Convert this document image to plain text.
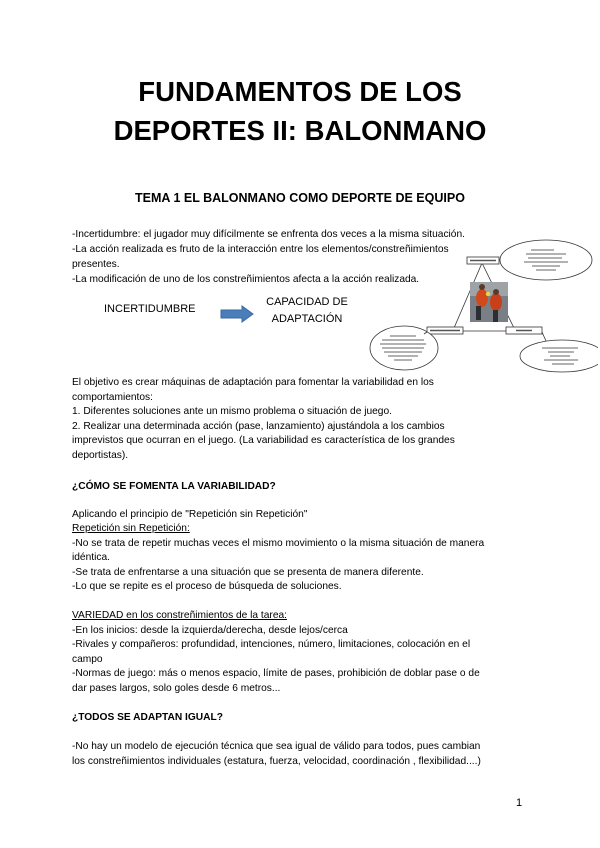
FUNDAMENTOS DE LOS
DEPORTES II: BALONMANO
TEMA 1 EL BALONMANO COMO DEPORTE DE EQUIPO

-Incertidumbre: el jugador muy difícilmente se enfrenta dos veces a la misma situación.

-La acción realizada es fruto de la interacción entre los elementos/constreñimientos

presentes.

-La modificación de uno de los constreñimientos afecta a la acción realizada.

INCERTIDUMBRE
CAPACIDAD DE
ADAPTACIÓN

El objetivo es crear máquinas de adaptación para fomentar la variabilidad en los

comportamientos:

1. Diferentes soluciones ante un mismo problema o situación de juego.

2. Realizar una determinada acción (pase, lanzamiento) ajustándola a los cambios

imprevistos que ocurran en el juego. (La variabilidad es característica de los grandes

deportistas).

¿CÓMO SE FOMENTA LA VARIABILIDAD?

Aplicando el principio de "Repetición sin Repetición"

Repetición sin Repetición:

-No se trata de repetir muchas veces el mismo movimiento o la misma situación de manera

idéntica.

-Se trata de enfrentarse a una situación que se presenta de manera diferente.

-Lo que se repite es el proceso de búsqueda de soluciones.

VARIEDAD en los constreñimientos de la tarea:

-En los inicios: desde la izquierda/derecha, desde lejos/cerca

-Rivales y compañeros: profundidad, intenciones, número, limitaciones, colocación en el

campo

-Normas de juego: más o menos espacio, límite de pases, prohibición de doblar pase o de

dar pases largos, solo goles desde 6 metros...

¿TODOS SE ADAPTAN IGUAL?

-No hay un modelo de ejecución técnica que sea igual de válido para todos, pues cambian

los constreñimientos individuales (estatura, fuerza, velocidad, coordinación , flexibilidad....)

1
